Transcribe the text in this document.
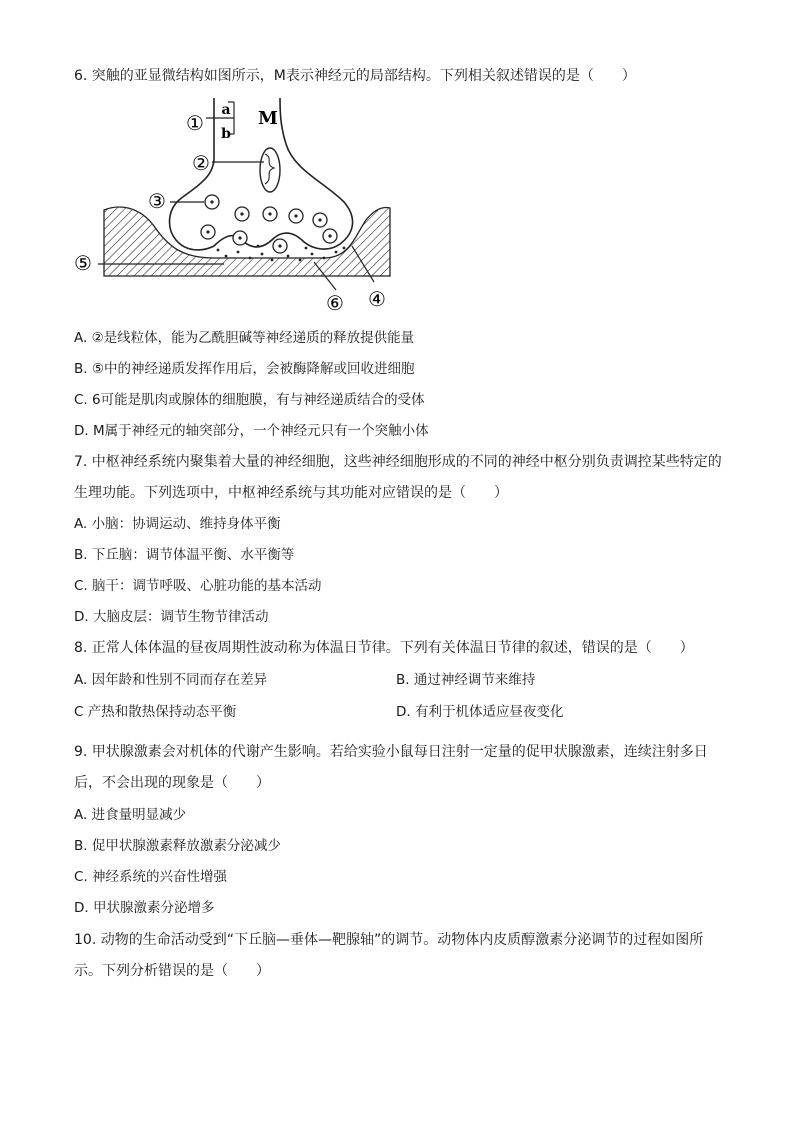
6. 突触的亚显微结构如图所示，M表示神经元的局部结构。下列相关叙述错误的是（　　）
a
b
M
①
②
③
④
⑤
⑥
A. ②是线粒体，能为乙酰胆碱等神经递质的释放提供能量
B. ⑤中的神经递质发挥作用后，会被酶降解或回收进细胞
C. 6可能是肌肉或腺体的细胞膜，有与神经递质结合的受体
D. M属于神经元的轴突部分，一个神经元只有一个突触小体
7. 中枢神经系统内聚集着大量的神经细胞，这些神经细胞形成的不同的神经中枢分别负责调控某些特定的
生理功能。下列选项中，中枢神经系统与其功能对应错误的是（　　）
A. 小脑：协调运动、维持身体平衡
B. 下丘脑：调节体温平衡、水平衡等
C. 脑干：调节呼吸、心脏功能的基本活动
D. 大脑皮层：调节生物节律活动
8. 正常人体体温的昼夜周期性波动称为体温日节律。下列有关体温日节律的叙述，错误的是（　　）
A. 因年龄和性别不同而存在差异	B. 通过神经调节来维持
C 产热和散热保持动态平衡	D. 有利于机体适应昼夜变化
9. 甲状腺激素会对机体的代谢产生影响。若给实验小鼠每日注射一定量的促甲状腺激素，连续注射多日
后，不会出现的现象是（　　）
A. 进食量明显减少
B. 促甲状腺激素释放激素分泌减少
C. 神经系统的兴奋性增强
D. 甲状腺激素分泌增多
10. 动物的生命活动受到“下丘脑—垂体—靶腺轴”的调节。动物体内皮质醇激素分泌调节的过程如图所
示。下列分析错误的是（　　）
